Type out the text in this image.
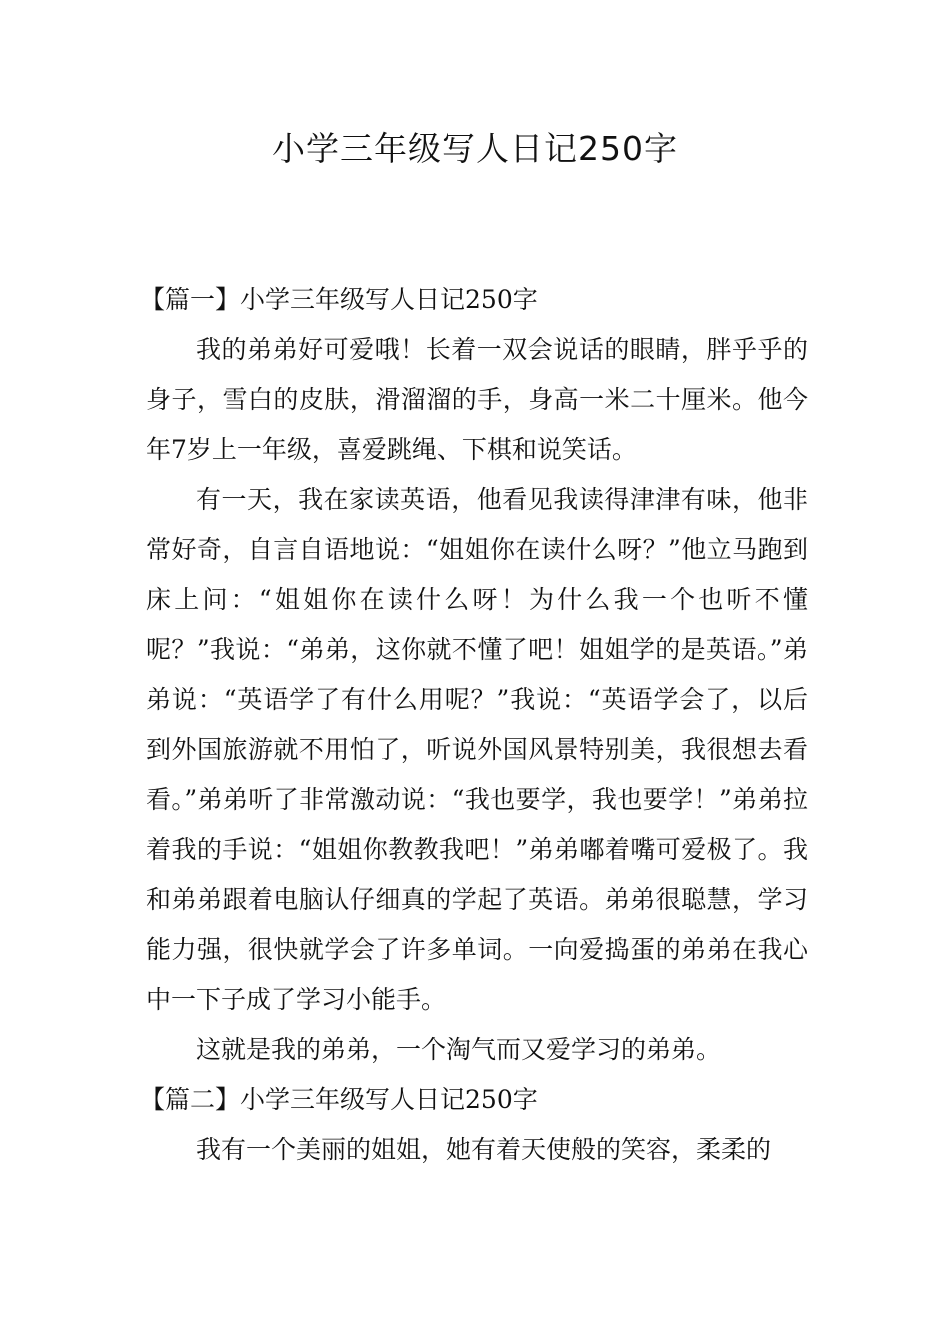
小学三年级写人日记250字

【篇一】小学三年级写人日记250字

我的弟弟好可爱哦！长着一双会说话的眼睛，胖乎乎的身子，雪白的皮肤，滑溜溜的手，身高一米二十厘米。他今年7岁上一年级，喜爱跳绳、下棋和说笑话。

有一天，我在家读英语，他看见我读得津津有味，他非常好奇，自言自语地说：“姐姐你在读什么呀？”他立马跑到床上问：“姐姐你在读什么呀！为什么我一个也听不懂呢？”我说：“弟弟，这你就不懂了吧！姐姐学的是英语。”弟弟说：“英语学了有什么用呢？”我说：“英语学会了，以后到外国旅游就不用怕了，听说外国风景特别美，我很想去看看。”弟弟听了非常激动说：“我也要学，我也要学！”弟弟拉着我的手说：“姐姐你教教我吧！”弟弟嘟着嘴可爱极了。我和弟弟跟着电脑认仔细真的学起了英语。弟弟很聪慧，学习能力强，很快就学会了许多单词。一向爱捣蛋的弟弟在我心中一下子成了学习小能手。

这就是我的弟弟，一个淘气而又爱学习的弟弟。

【篇二】小学三年级写人日记250字

我有一个美丽的姐姐，她有着天使般的笑容，柔柔的
